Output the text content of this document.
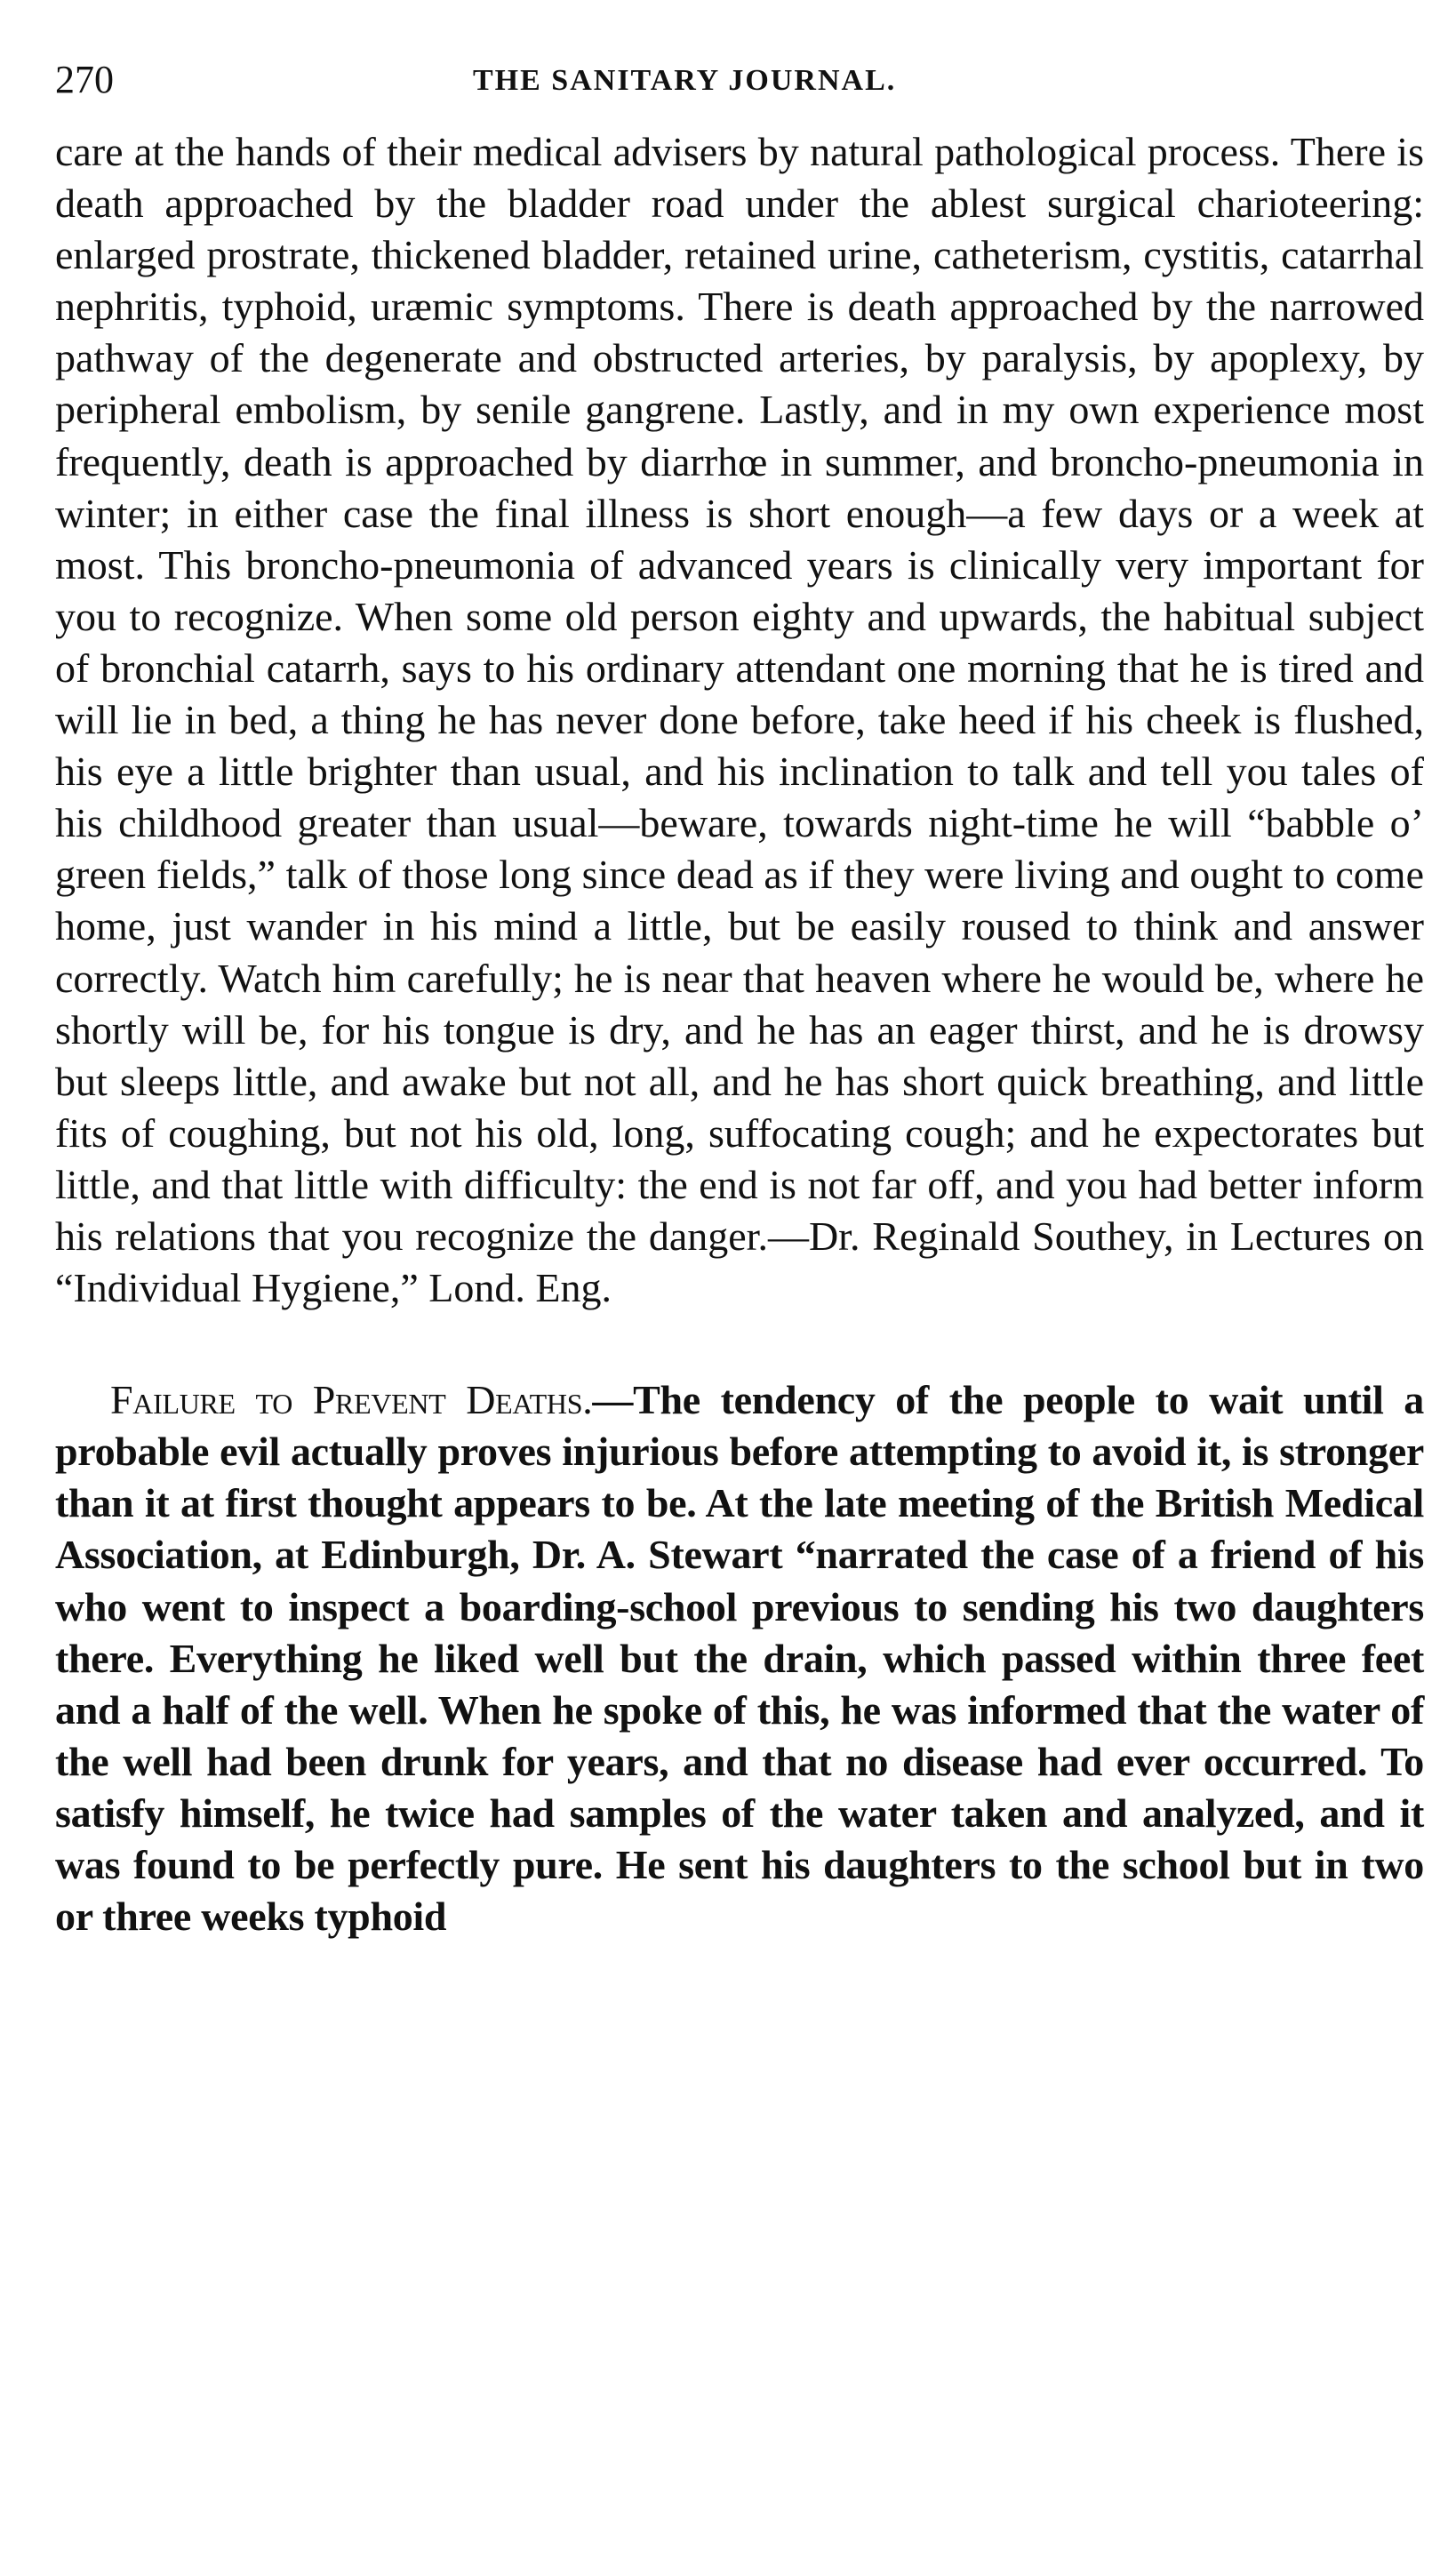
270	THE SANITARY JOURNAL.

care at the hands of their medical advisers by natural pathological process. There is death approached by the bladder road under the ablest surgical charioteering: enlarged prostrate, thickened bladder, retained urine, catheterism, cystitis, catarrhal nephritis, typhoid, uræmic symptoms. There is death approached by the narrowed pathway of the degenerate and obstructed arteries, by paralysis, by apoplexy, by peripheral embolism, by senile gangrene. Lastly, and in my own experience most frequently, death is approached by diarrhœ in summer, and broncho-pneumonia in winter; in either case the final illness is short enough—a few days or a week at most. This broncho-pneumonia of advanced years is clinically very important for you to recognize. When some old person eighty and upwards, the habitual subject of bronchial catarrh, says to his ordinary attendant one morning that he is tired and will lie in bed, a thing he has never done before, take heed if his cheek is flushed, his eye a little brighter than usual, and his inclination to talk and tell you tales of his childhood greater than usual—beware, towards night-time he will “babble o’ green fields,” talk of those long since dead as if they were living and ought to come home, just wander in his mind a little, but be easily roused to think and answer correctly. Watch him carefully; he is near that heaven where he would be, where he shortly will be, for his tongue is dry, and he has an eager thirst, and he is drowsy but sleeps little, and awake but not all, and he has short quick breathing, and little fits of coughing, but not his old, long, suffocating cough; and he expectorates but little, and that little with difficulty: the end is not far off, and you had better inform his relations that you recognize the danger.—Dr. Reginald Southey, in Lectures on “Individual Hygiene,” Lond. Eng.

Failure to Prevent Deaths.—The tendency of the people to wait until a probable evil actually proves injurious before attempting to avoid it, is stronger than it at first thought appears to be. At the late meeting of the British Medical Association, at Edinburgh, Dr. A. Stewart “narrated the case of a friend of his who went to inspect a boarding-school previous to sending his two daughters there. Everything he liked well but the drain, which passed within three feet and a half of the well. When he spoke of this, he was informed that the water of the well had been drunk for years, and that no disease had ever occurred. To satisfy himself, he twice had samples of the water taken and analyzed, and it was found to be perfectly pure. He sent his daughters to the school but in two or three weeks typhoid
